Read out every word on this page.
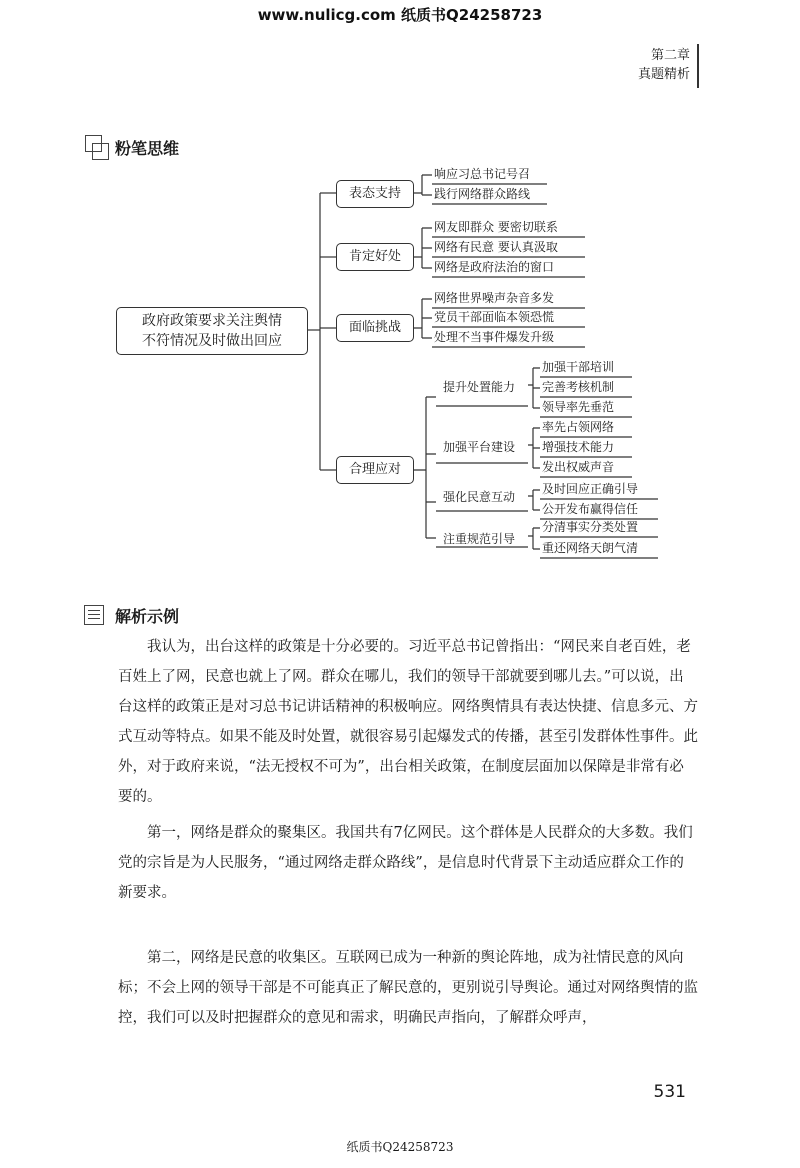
www.nulicg.com 纸质书Q24258723
第二章
真题精析
粉笔思维
政府政策要求关注舆情
不符情况及时做出回应
表态支持
肯定好处
面临挑战
合理应对
响应习总书记号召
践行网络群众路线
网友即群众 要密切联系
网络有民意 要认真汲取
网络是政府法治的窗口
网络世界噪声杂音多发
党员干部面临本领恐慌
处理不当事件爆发升级
提升处置能力
加强平台建设
强化民意互动
注重规范引导
加强干部培训
完善考核机制
领导率先垂范
率先占领网络
增强技术能力
发出权威声音
及时回应正确引导
公开发布赢得信任
分清事实分类处置
重还网络天朗气清
解析示例
我认为，出台这样的政策是十分必要的。习近平总书记曾指出：“网民来自老百姓，老百姓上了网，民意也就上了网。群众在哪儿，我们的领导干部就要到哪儿去。”可以说，出台这样的政策正是对习总书记讲话精神的积极响应。网络舆情具有表达快捷、信息多元、方式互动等特点。如果不能及时处置，就很容易引起爆发式的传播，甚至引发群体性事件。此外，对于政府来说，“法无授权不可为”，出台相关政策，在制度层面加以保障是非常有必要的。
第一，网络是群众的聚集区。我国共有7亿网民。这个群体是人民群众的大多数。我们党的宗旨是为人民服务，“通过网络走群众路线”，是信息时代背景下主动适应群众工作的新要求。
第二，网络是民意的收集区。互联网已成为一种新的舆论阵地，成为社情民意的风向标；不会上网的领导干部是不可能真正了解民意的，更别说引导舆论。通过对网络舆情的监控，我们可以及时把握群众的意见和需求，明确民声指向，了解群众呼声，
531
纸质书Q24258723
